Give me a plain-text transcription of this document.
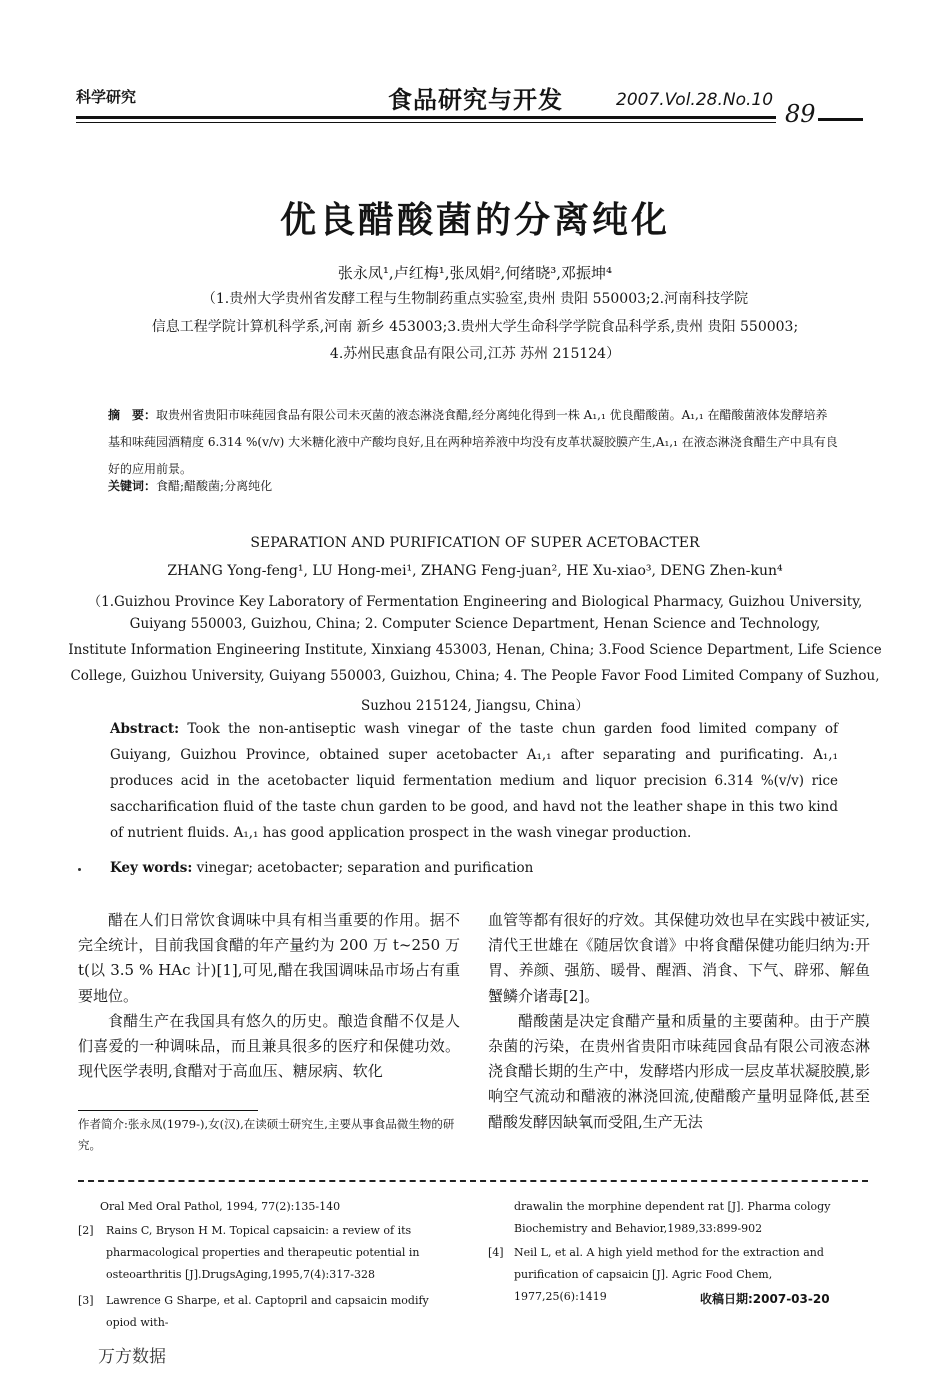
科学研究	食品研究与开发	2007.Vol.28.No.10 89
优良醋酸菌的分离纯化
张永凤¹,卢红梅¹,张凤娟²,何绪晓³,邓振坤⁴
（1.贵州大学贵州省发酵工程与生物制药重点实验室,贵州 贵阳 550003;2.河南科技学院
信息工程学院计算机科学系,河南 新乡 453003;3.贵州大学生命科学学院食品科学系,贵州 贵阳 550003;
4.苏州民惠食品有限公司,江苏 苏州 215124）
摘　要：取贵州省贵阳市味莼园食品有限公司未灭菌的液态淋浇食醋,经分离纯化得到一株 A₁,₁ 优良醋酸菌。A₁,₁ 在醋酸菌液体发酵培养基和味莼园酒精度 6.314 %(v/v) 大米糖化液中产酸均良好,且在两种培养液中均没有皮革状凝胶膜产生,A₁,₁ 在液态淋浇食醋生产中具有良好的应用前景。
关键词：食醋;醋酸菌;分离纯化
SEPARATION AND PURIFICATION OF SUPER ACETOBACTER
ZHANG Yong-feng¹, LU Hong-mei¹, ZHANG Feng-juan², HE Xu-xiao³, DENG Zhen-kun⁴
（1.Guizhou Province Key Laboratory of Fermentation Engineering and Biological Pharmacy, Guizhou University,
Guiyang 550003, Guizhou, China; 2. Computer Science Department, Henan Science and Technology,
Institute Information Engineering Institute, Xinxiang 453003, Henan, China; 3.Food Science Department, Life Science
College, Guizhou University, Guiyang 550003, Guizhou, China; 4. The People Favor Food Limited Company of Suzhou,
Suzhou 215124, Jiangsu, China）
Abstract: Took the non-antiseptic wash vinegar of the taste chun garden food limited company of Guiyang, Guizhou Province, obtained super acetobacter A₁,₁ after separating and purificating. A₁,₁ produces acid in the acetobacter liquid fermentation medium and liquor precision 6.314 %(v/v) rice saccharification fluid of the taste chun garden to be good, and havd not the leather shape in this two kind of nutrient fluids. A₁,₁ has good application prospect in the wash vinegar production.
Key words: vinegar; acetobacter; separation and purification

醋在人们日常饮食调味中具有相当重要的作用。据不完全统计，目前我国食醋的年产量约为 200 万 t~250 万 t(以 3.5 % HAc 计)[1],可见,醋在我国调味品市场占有重要地位。

食醋生产在我国具有悠久的历史。酿造食醋不仅是人们喜爱的一种调味品，而且兼具很多的医疗和保健功效。现代医学表明,食醋对于高血压、糖尿病、软化

血管等都有很好的疗效。其保健功效也早在实践中被证实,清代王世雄在《随居饮食谱》中将食醋保健功能归纳为:开胃、养颜、强筋、暖骨、醒酒、消食、下气、辟邪、解鱼蟹鳞介诸毒[2]。

醋酸菌是决定食醋产量和质量的主要菌种。由于产膜杂菌的污染，在贵州省贵阳市味莼园食品有限公司液态淋浇食醋长期的生产中，发酵塔内形成一层皮革状凝胶膜,影响空气流动和醋液的淋浇回流,使醋酸产量明显降低,甚至醋酸发酵因缺氧而受阻,生产无法

作者简介:张永凤(1979-),女(汉),在读硕士研究生,主要从事食品微生物的研究。
Oral Med Oral Pathol, 1994, 77(2):135-140
[2] Rains C, Bryson H M. Topical capsaicin: a review of its pharmacological properties and therapeutic potential in osteoarthritis [J].DrugsAging,1995,7(4):317-328
[3] Lawrence G Sharpe, et al. Captopril and capsaicin modify opiod with-
drawalin the morphine dependent rat [J]. Pharma cology Biochemistry and Behavior,1989,33:899-902
[4] Neil L, et al. A high yield method for the extraction and purification of capsaicin [J]. Agric Food Chem, 1977,25(6):1419	收稿日期:2007-03-20
万方数据
